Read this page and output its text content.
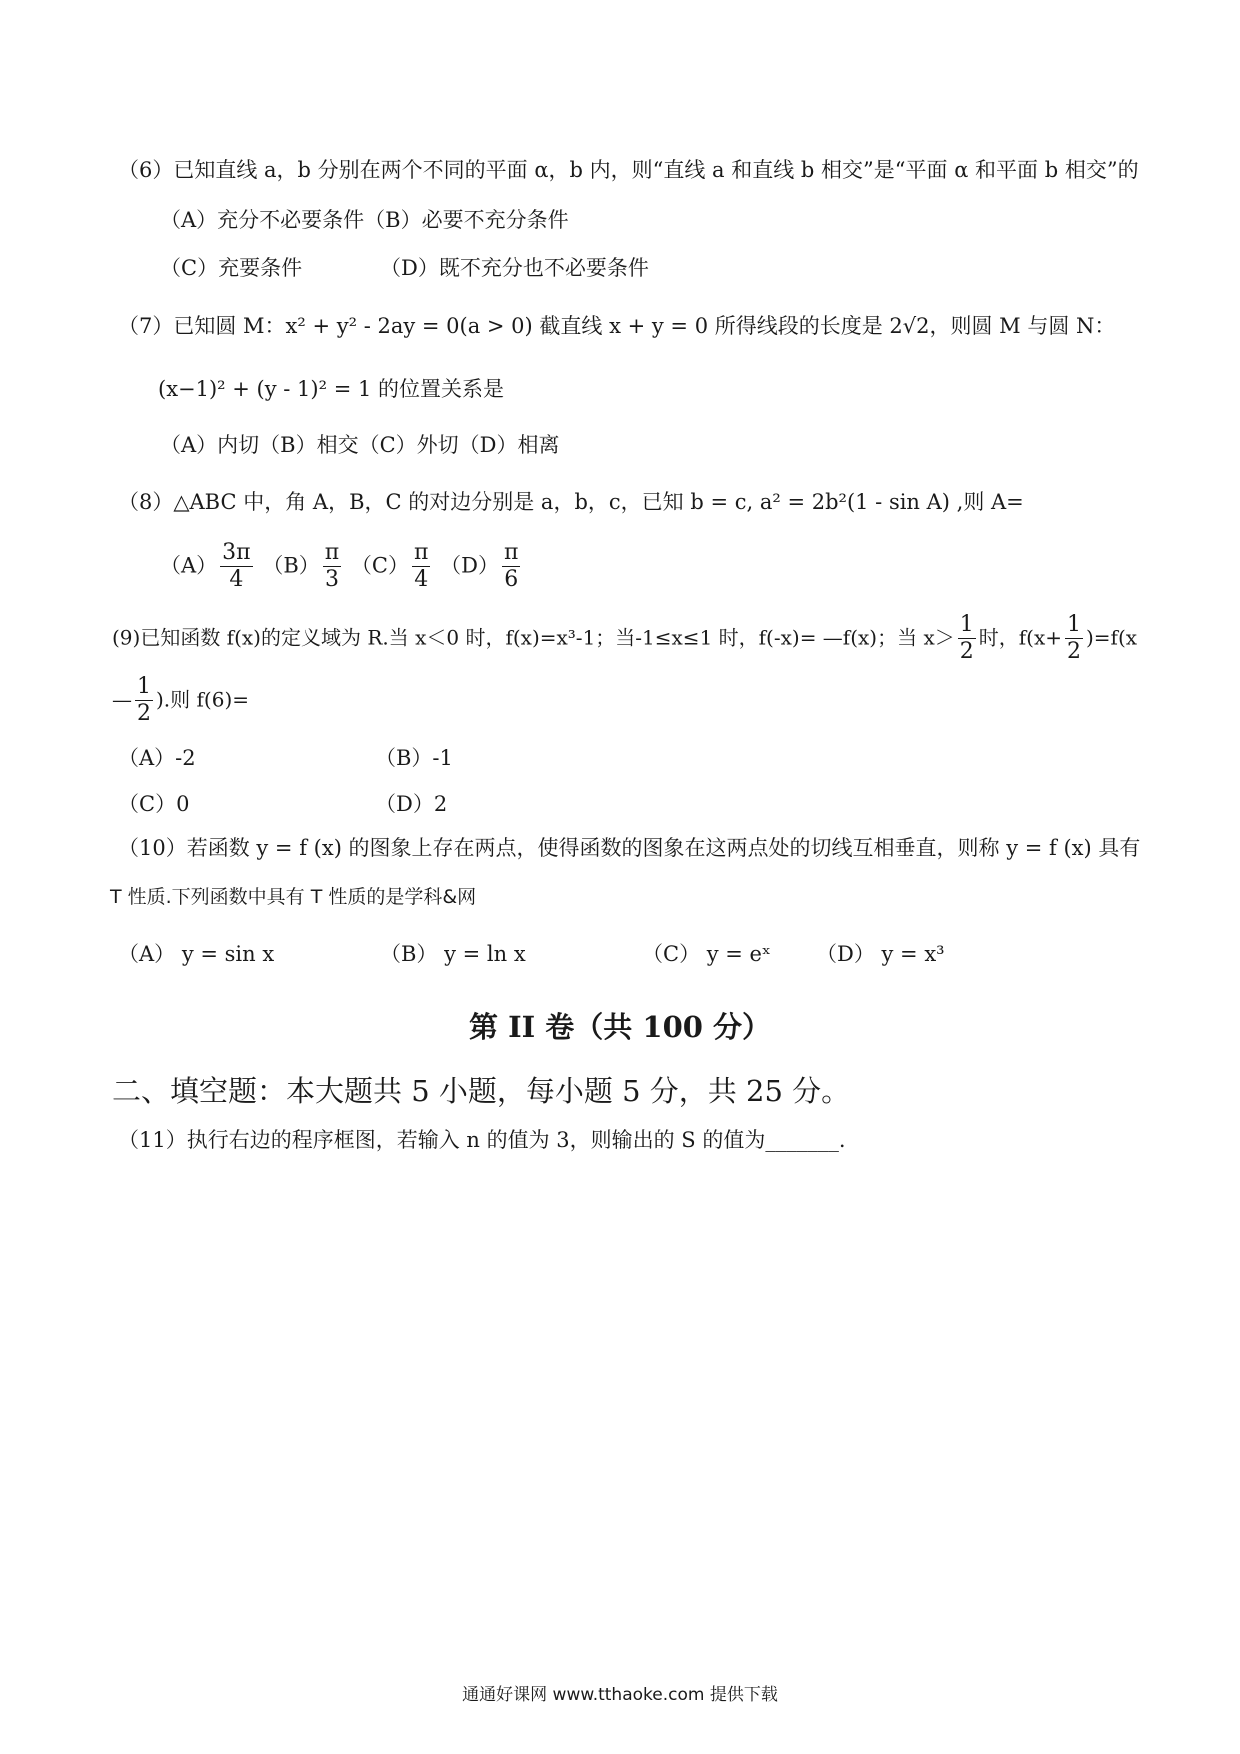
（6）已知直线 a，b 分别在两个不同的平面 α，b 内，则“直线 a 和直线 b 相交”是“平面 α 和平面 b 相交”的
（A）充分不必要条件（B）必要不充分条件
（C）充要条件	（D）既不充分也不必要条件
（7）已知圆 M：x² + y² - 2ay = 0(a > 0) 截直线 x + y = 0 所得线段的长度是 2√2，则圆 M 与圆 N：
(x−1)² + (y - 1)² = 1 的位置关系是
（A）内切（B）相交（C）外切（D）相离
（8）△ABC 中，角 A，B，C 的对边分别是 a，b，c，已知 b = c, a² = 2b²(1 - sin A) ,则 A=
$(A) \frac{3\pi}{4} (B) \frac{\pi}{3} (C) \frac{\pi}{4} (D) \frac{\pi}{6}$
(9)已知函数 f(x)的定义域为 R.当 x＜0 时，f(x)=x³-1；当-1≤x≤1 时，f(-x)= —f(x)；当 $x> \frac{1}{2}$ 时，$f(x+ \frac{1}{2} )=f(x$
— $\frac{1}{2}$ ).则 f(6)=
（A）-2	（B）-1
（C）0	（D）2
（10）若函数 y = f (x) 的图象上存在两点，使得函数的图象在这两点处的切线互相垂直，则称 y = f (x) 具有
T 性质.下列函数中具有 T 性质的是学科&网
（A） y = sin x	（B） y = ln x	（C） y = eˣ （D） y = x³
第 II 卷（共 100 分）
二、填空题：本大题共 5 小题，每小题 5 分，共 25 分。
（11）执行右边的程序框图，若输入 n 的值为 3，则输出的 S 的值为_______.
通通好课网 www.tthaoke.com 提供下载
